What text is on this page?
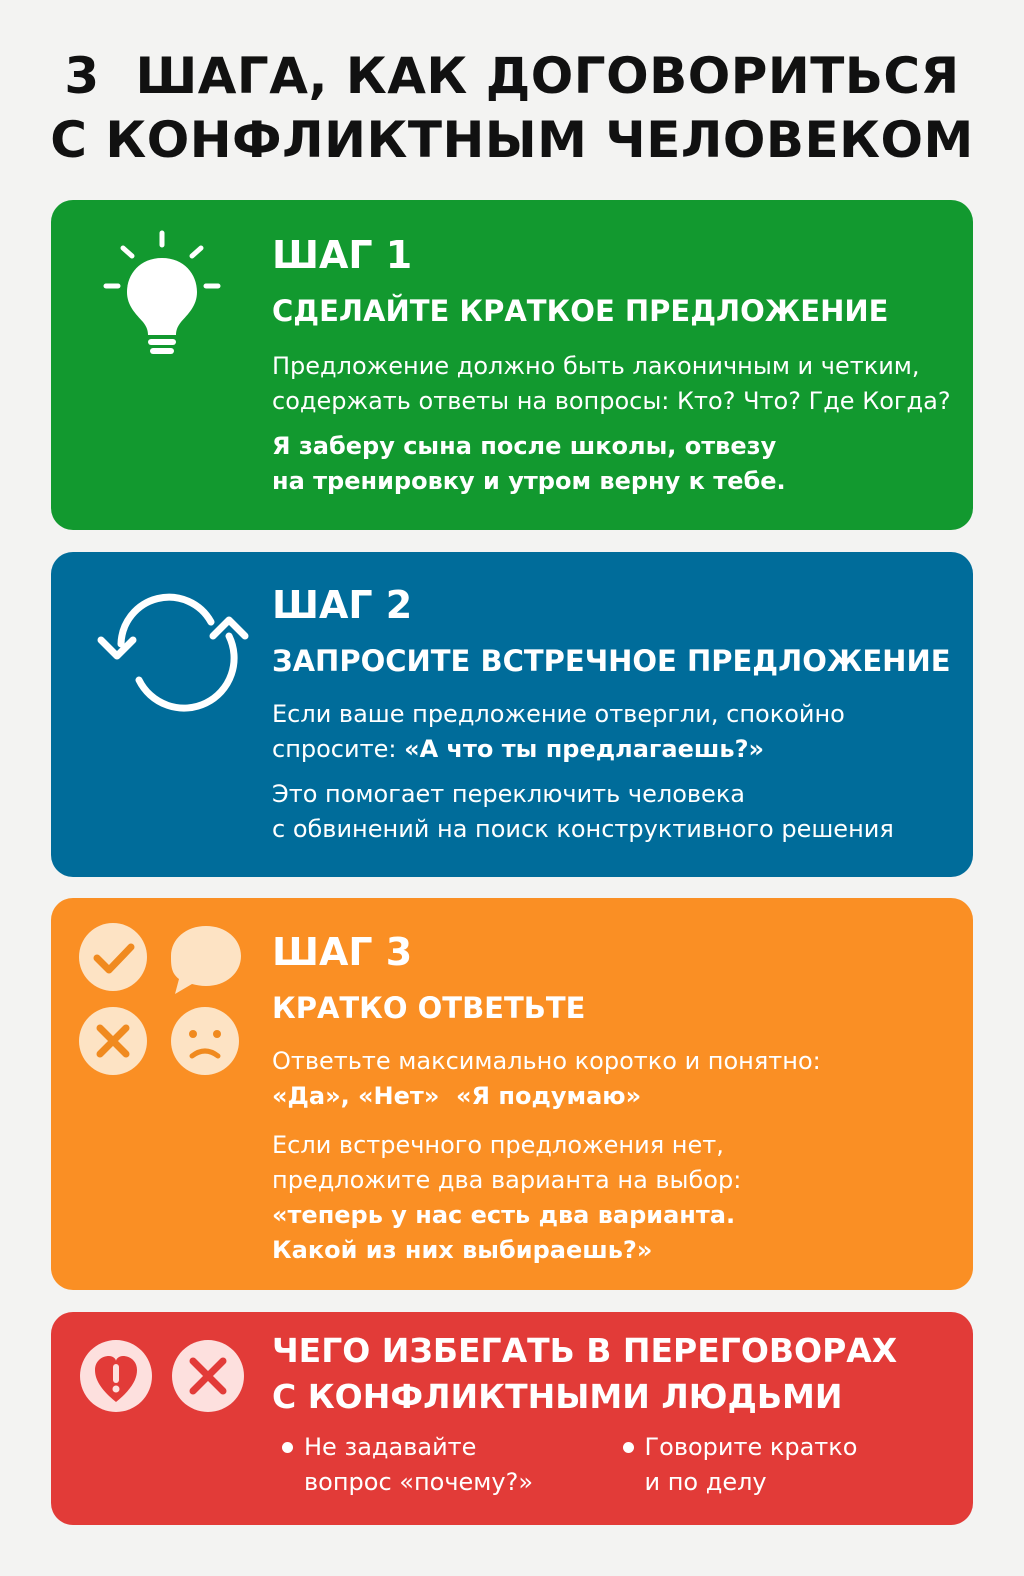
3  ШАГА, КАК ДОГОВОРИТЬСЯ
С КОНФЛИКТНЫМ ЧЕЛОВЕКОМ
ШАГ 1
СДЕЛАЙТЕ КРАТКОЕ ПРЕДЛОЖЕНИЕ
Предложение должно быть лаконичным и четким,
содержать ответы на вопросы: Кто? Что? Где Когда?
Я заберу сына после школы, отвезу
на тренировку и утром верну к тебе.
ШАГ 2
ЗАПРОСИТЕ ВСТРЕЧНОЕ ПРЕДЛОЖЕНИЕ
Если ваше предложение отвергли, спокойно
спросите: «А что ты предлагаешь?»
Это помогает переключить человека
с обвинений на поиск конструктивного решения
ШАГ 3
КРАТКО ОТВЕТЬТЕ
Ответьте максимально коротко и понятно:
«Да», «Нет»  «Я подумаю»
Если встречного предложения нет,
предложите два варианта на выбор:
«теперь у нас есть два варианта.
Какой из них выбираешь?»
ЧЕГО ИЗБЕГАТЬ В ПЕРЕГОВОРАХ
С КОНФЛИКТНЫМИ ЛЮДЬМИ
Не задавайте
вопрос «почему?»
Говорите кратко
и по делу
